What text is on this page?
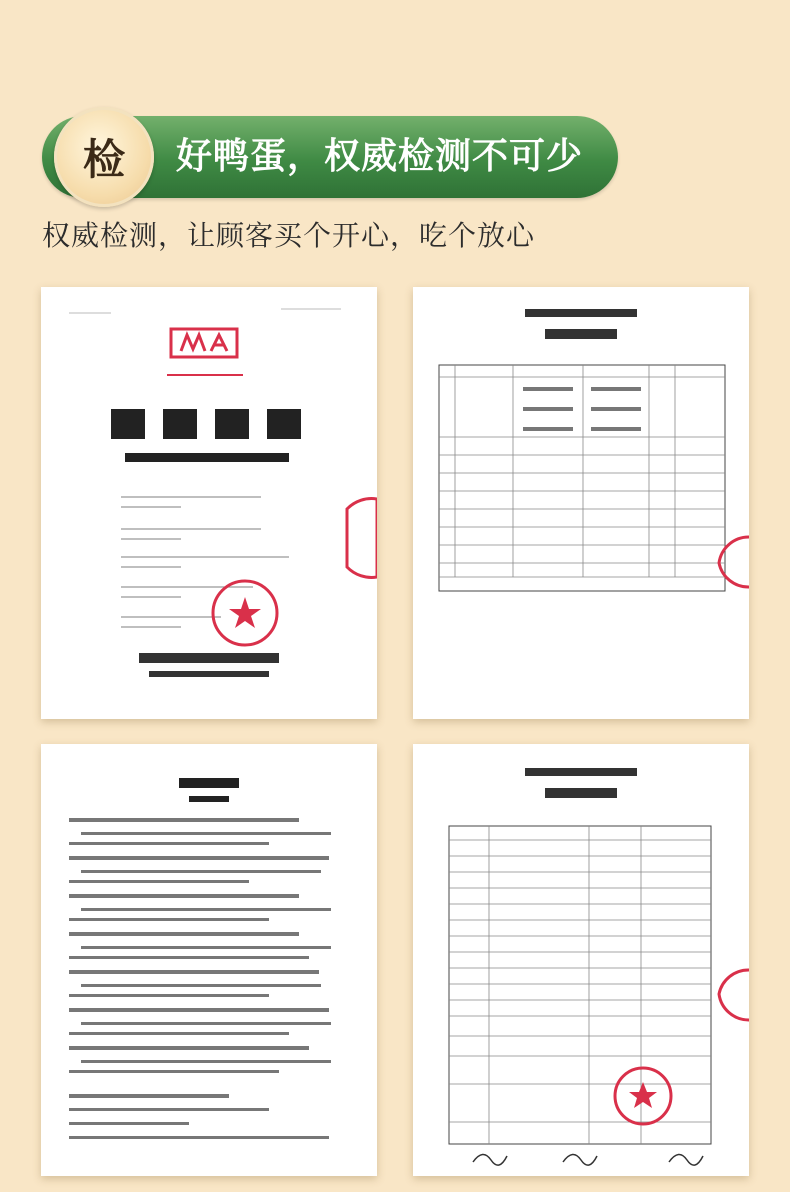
检 好鸭蛋，权威检测不可少
权威检测，让顾客买个开心，吃个放心
